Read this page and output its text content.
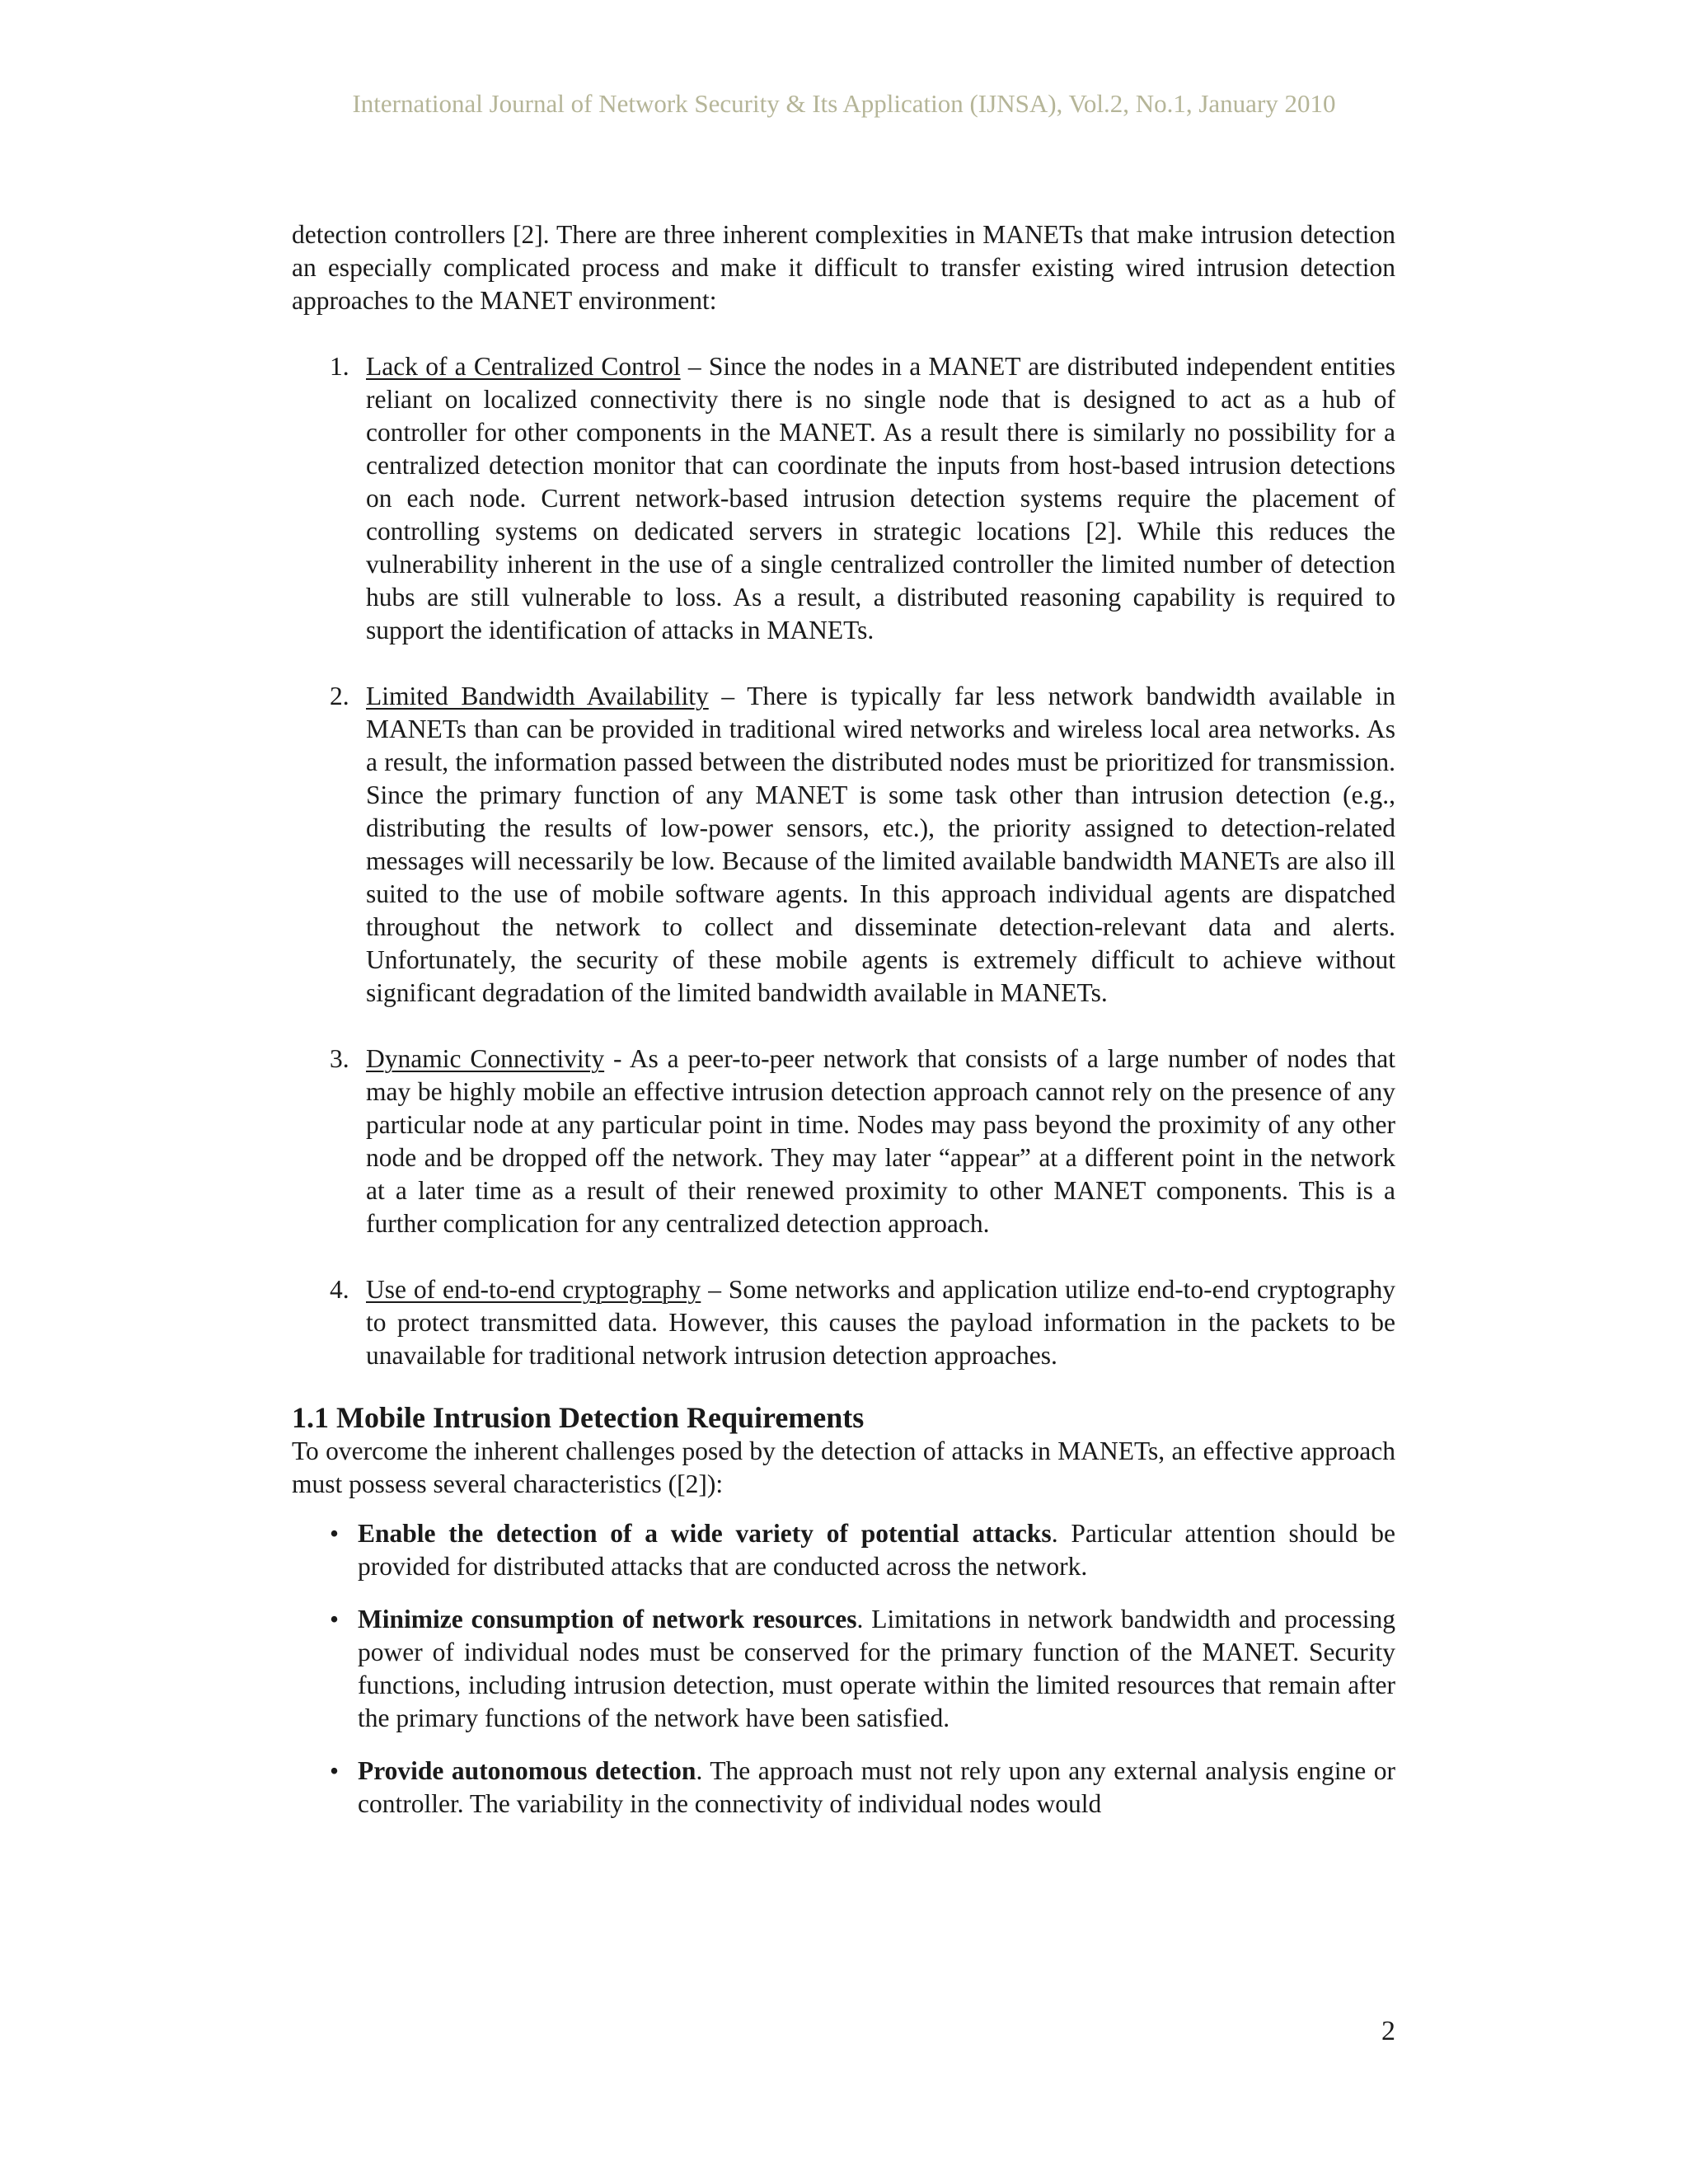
International Journal of Network Security & Its Application (IJNSA), Vol.2, No.1, January 2010

detection controllers [2]. There are three inherent complexities in MANETs that make intrusion detection an especially complicated process and make it difficult to transfer existing wired intrusion detection approaches to the MANET environment:

1. Lack of a Centralized Control – Since the nodes in a MANET are distributed independent entities reliant on localized connectivity there is no single node that is designed to act as a hub of controller for other components in the MANET. As a result there is similarly no possibility for a centralized detection monitor that can coordinate the inputs from host-based intrusion detections on each node. Current network-based intrusion detection systems require the placement of controlling systems on dedicated servers in strategic locations [2]. While this reduces the vulnerability inherent in the use of a single centralized controller the limited number of detection hubs are still vulnerable to loss. As a result, a distributed reasoning capability is required to support the identification of attacks in MANETs.
2. Limited Bandwidth Availability – There is typically far less network bandwidth available in MANETs than can be provided in traditional wired networks and wireless local area networks. As a result, the information passed between the distributed nodes must be prioritized for transmission. Since the primary function of any MANET is some task other than intrusion detection (e.g., distributing the results of low-power sensors, etc.), the priority assigned to detection-related messages will necessarily be low. Because of the limited available bandwidth MANETs are also ill suited to the use of mobile software agents. In this approach individual agents are dispatched throughout the network to collect and disseminate detection-relevant data and alerts. Unfortunately, the security of these mobile agents is extremely difficult to achieve without significant degradation of the limited bandwidth available in MANETs.
3. Dynamic Connectivity - As a peer-to-peer network that consists of a large number of nodes that may be highly mobile an effective intrusion detection approach cannot rely on the presence of any particular node at any particular point in time. Nodes may pass beyond the proximity of any other node and be dropped off the network. They may later “appear” at a different point in the network at a later time as a result of their renewed proximity to other MANET components. This is a further complication for any centralized detection approach.
4. Use of end-to-end cryptography – Some networks and application utilize end-to-end cryptography to protect transmitted data. However, this causes the payload information in the packets to be unavailable for traditional network intrusion detection approaches.
1.1 Mobile Intrusion Detection Requirements

To overcome the inherent challenges posed by the detection of attacks in MANETs, an effective approach must possess several characteristics ([2]):

• Enable the detection of a wide variety of potential attacks. Particular attention should be provided for distributed attacks that are conducted across the network.
• Minimize consumption of network resources. Limitations in network bandwidth and processing power of individual nodes must be conserved for the primary function of the MANET. Security functions, including intrusion detection, must operate within the limited resources that remain after the primary functions of the network have been satisfied.
• Provide autonomous detection. The approach must not rely upon any external analysis engine or controller. The variability in the connectivity of individual nodes would
2
